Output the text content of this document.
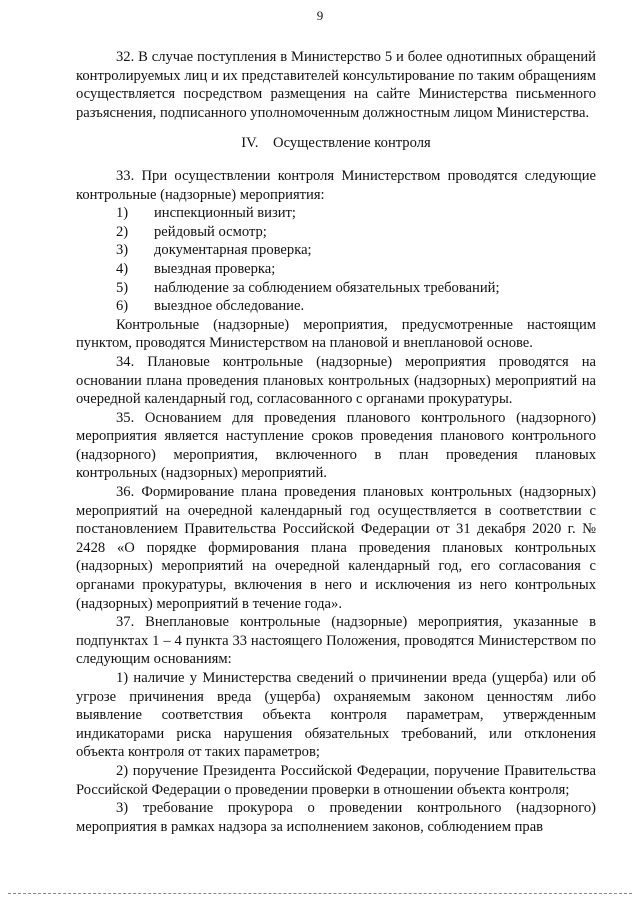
9

32. В случае поступления в Министерство 5 и более однотипных обращений контролируемых лиц и их представителей консультирование по таким обращениям осуществляется посредством размещения на сайте Министерства письменного разъяснения, подписанного уполномоченным должностным лицом Министерства.

IV. Осуществление контроля

33. При осуществлении контроля Министерством проводятся следующие контрольные (надзорные) мероприятия:

1) инспекционный визит;
2) рейдовый осмотр;
3) документарная проверка;
4) выездная проверка;
5) наблюдение за соблюдением обязательных требований;
6) выездное обследование.

Контрольные (надзорные) мероприятия, предусмотренные настоящим пунктом, проводятся Министерством на плановой и внеплановой основе.

34. Плановые контрольные (надзорные) мероприятия проводятся на основании плана проведения плановых контрольных (надзорных) мероприятий на очередной календарный год, согласованного с органами прокуратуры.

35. Основанием для проведения планового контрольного (надзорного) мероприятия является наступление сроков проведения планового контрольного (надзорного) мероприятия, включенного в план проведения плановых контрольных (надзорных) мероприятий.

36. Формирование плана проведения плановых контрольных (надзорных) мероприятий на очередной календарный год осуществляется в соответствии с постановлением Правительства Российской Федерации от 31 декабря 2020 г. № 2428 «О порядке формирования плана проведения плановых контрольных (надзорных) мероприятий на очередной календарный год, его согласования с органами прокуратуры, включения в него и исключения из него контрольных (надзорных) мероприятий в течение года».

37. Внеплановые контрольные (надзорные) мероприятия, указанные в подпунктах 1 – 4 пункта 33 настоящего Положения, проводятся Министерством по следующим основаниям:

1) наличие у Министерства сведений о причинении вреда (ущерба) или об угрозе причинения вреда (ущерба) охраняемым законом ценностям либо выявление соответствия объекта контроля параметрам, утвержденным индикаторами риска нарушения обязательных требований, или отклонения объекта контроля от таких параметров;

2) поручение Президента Российской Федерации, поручение Правительства Российской Федерации о проведении проверки в отношении объекта контроля;

3) требование прокурора о проведении контрольного (надзорного) мероприятия в рамках надзора за исполнением законов, соблюдением прав
